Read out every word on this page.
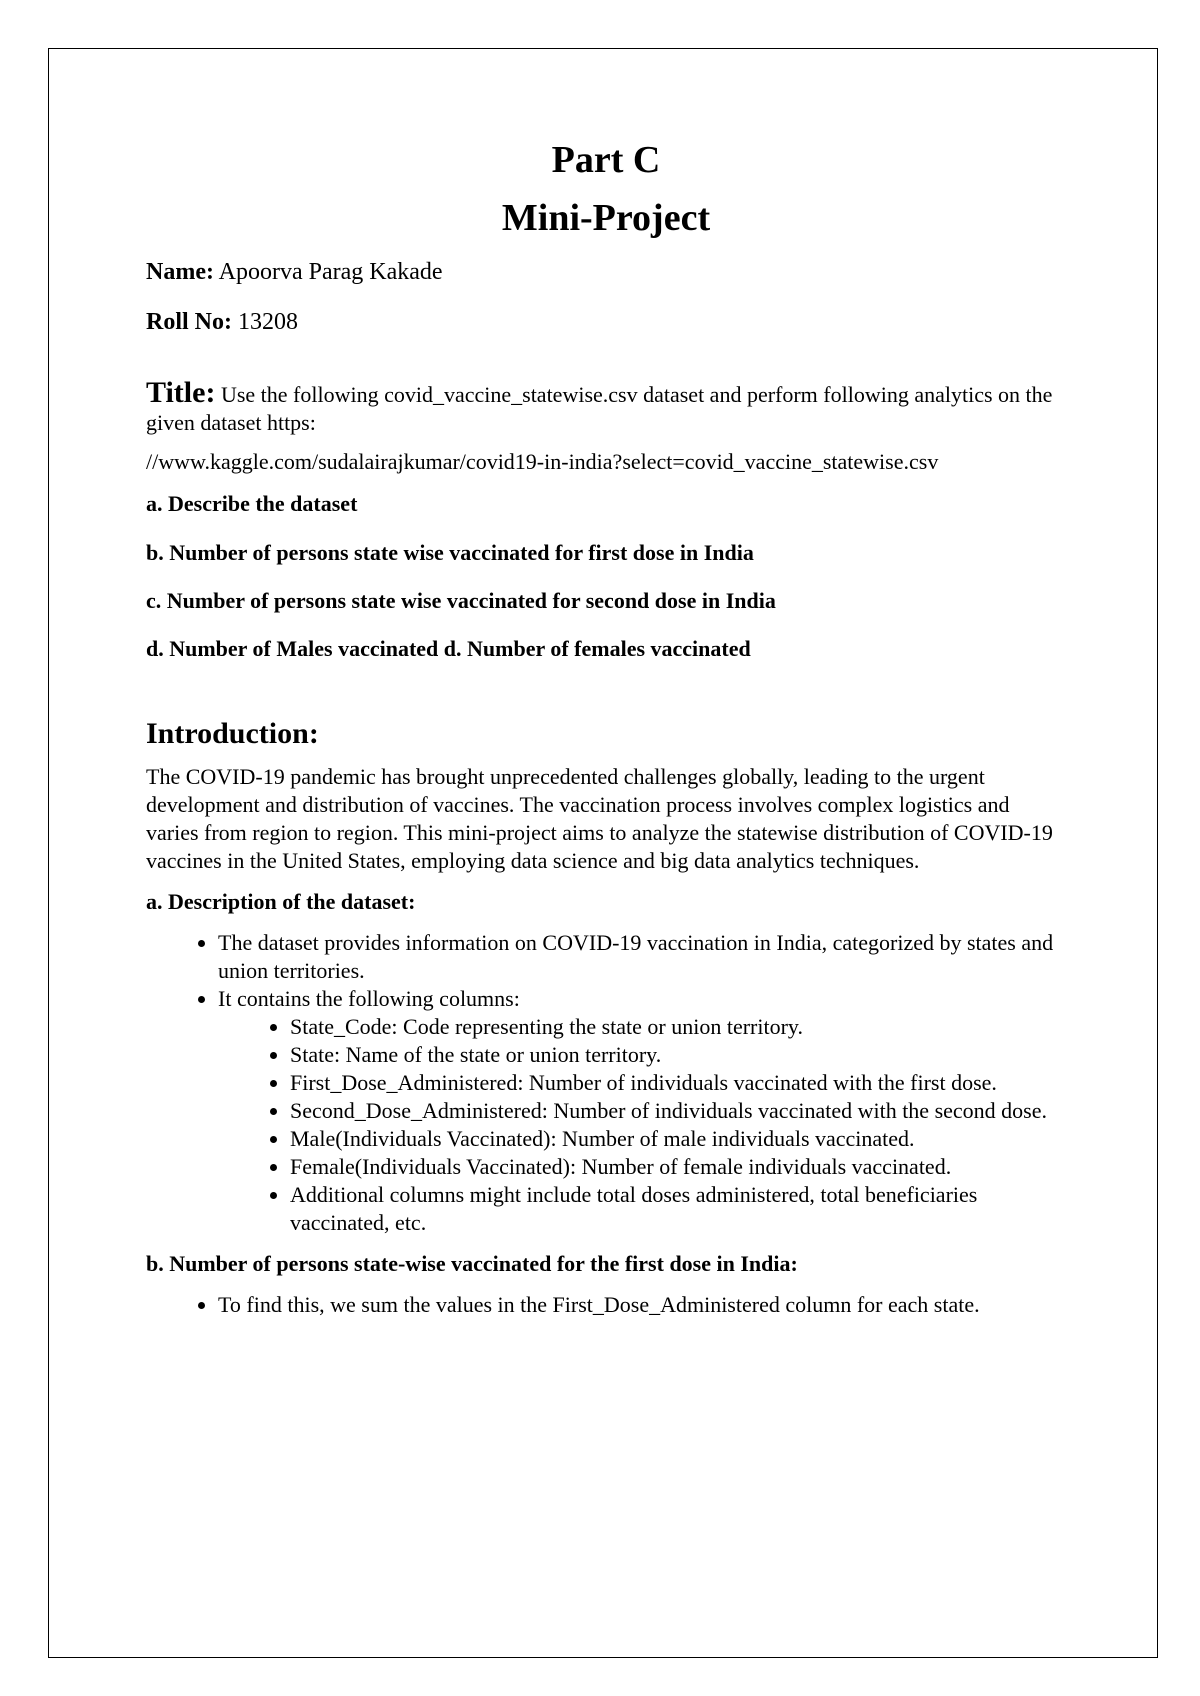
Part C
Mini-Project

Name: Apoorva Parag Kakade

Roll No: 13208

Title: Use the following covid_vaccine_statewise.csv dataset and perform following analytics on the given dataset https:

//www.kaggle.com/sudalairajkumar/covid19-in-india?select=covid_vaccine_statewise.csv

a. Describe the dataset

b. Number of persons state wise vaccinated for first dose in India

c. Number of persons state wise vaccinated for second dose in India

d. Number of Males vaccinated d. Number of females vaccinated

Introduction:

The COVID-19 pandemic has brought unprecedented challenges globally, leading to the urgent development and distribution of vaccines. The vaccination process involves complex logistics and varies from region to region. This mini-project aims to analyze the statewise distribution of COVID-19 vaccines in the United States, employing data science and big data analytics techniques.

a. Description of the dataset:

• The dataset provides information on COVID-19 vaccination in India, categorized by states and union territories.
• It contains the following columns:
• State_Code: Code representing the state or union territory.
• State: Name of the state or union territory.
• First_Dose_Administered: Number of individuals vaccinated with the first dose.
• Second_Dose_Administered: Number of individuals vaccinated with the second dose.
• Male(Individuals Vaccinated): Number of male individuals vaccinated.
• Female(Individuals Vaccinated): Number of female individuals vaccinated.
• Additional columns might include total doses administered, total beneficiaries vaccinated, etc.

b. Number of persons state-wise vaccinated for the first dose in India:

• To find this, we sum the values in the First_Dose_Administered column for each state.
